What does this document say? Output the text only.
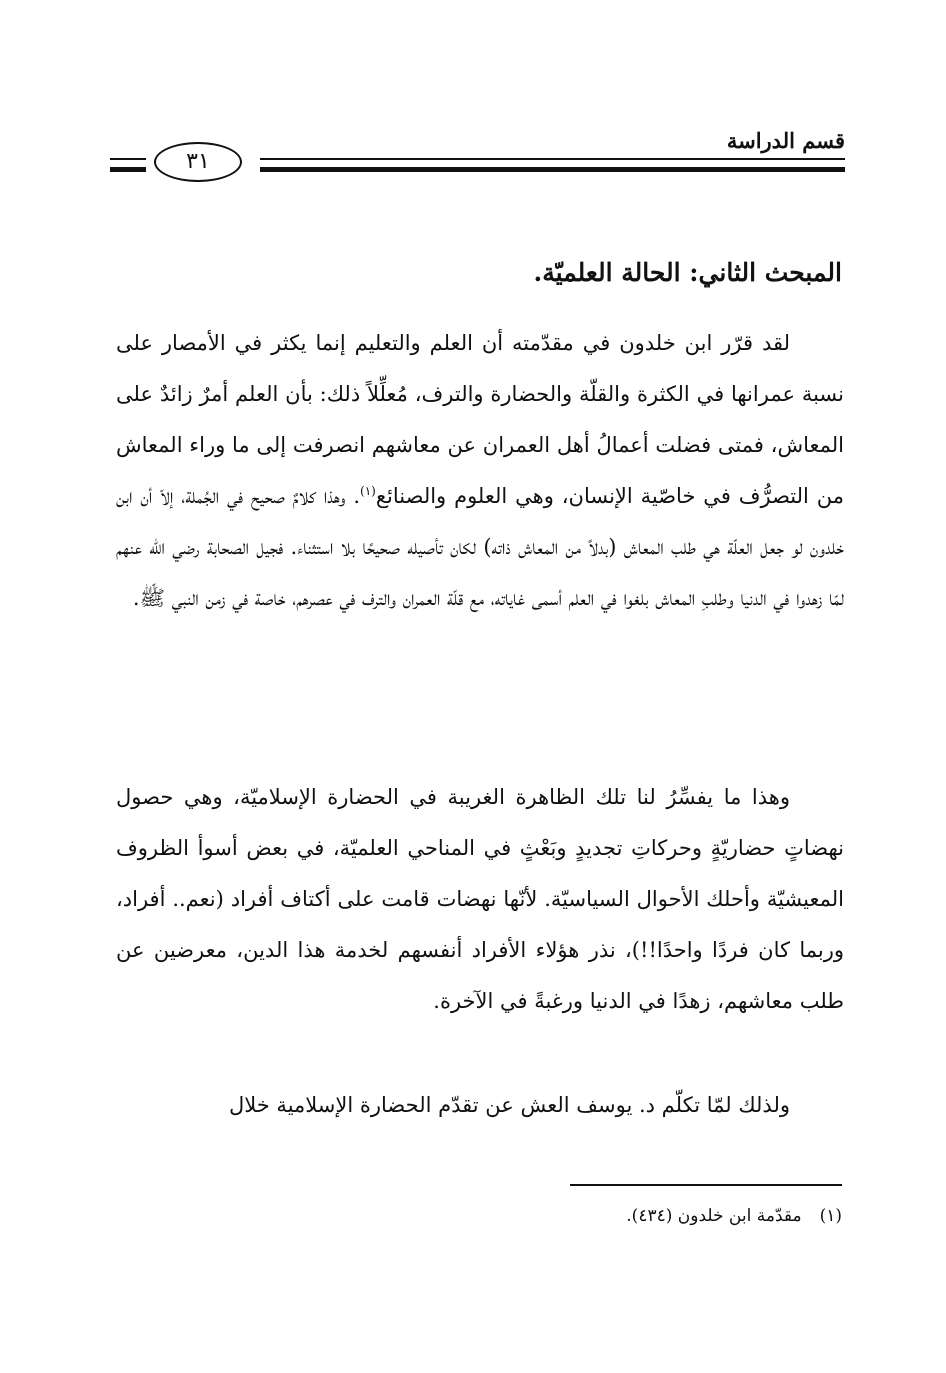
قسم الدراسة
٣١
المبحث الثاني: الحالة العلميّة.

لقد قرّر ابن خلدون في مقدّمته أن العلم والتعليم إنما يكثر في الأمصار على نسبة عمرانها في الكثرة والقلّة والحضارة والترف، مُعلِّلاً ذلك: بأن العلم أمرٌ زائدٌ على المعاش، فمتى فضلت أعمالُ أهل العمران عن معاشهم انصرفت إلى ما وراء المعاش من التصرُّف في خاصّية الإنسان، وهي العلوم والصنائع$^{(١)}$. وهذا كلامٌ صحيح في الجُملة، إلاّ أن ابن خلدون لو جعل العلّة هي طلب المعاش (بدلاً من المعاش ذاته) لكان تأصيله صحيحًا بلا استثناء. فجيل الصحابة رضي الله عنهم لمّا زهدوا في الدنيا وطلبِ المعاش بلغوا في العلم أسمى غاياته، مع قلّة العمران والترف في عصرهم، خاصة في زمن النبي ﷺ.

وهذا ما يفسِّرُ لنا تلك الظاهرة الغريبة في الحضارة الإسلاميّة، وهي حصول نهضاتٍ حضاريّةٍ وحركاتِ تجديدٍ وبَعْثٍ في المناحي العلميّة، في بعض أسوأ الظروف المعيشيّة وأحلك الأحوال السياسيّة. لأنّها نهضات قامت على أكتاف أفراد (نعم.. أفراد، وربما كان فردًا واحدًا!!)، نذر هؤلاء الأفراد أنفسهم لخدمة هذا الدين، معرضين عن طلب معاشهم، زهدًا في الدنيا ورغبةً في الآخرة.

ولذلك لمّا تكلّم د. يوسف العش عن تقدّم الحضارة الإسلامية خلال

(١)مقدّمة ابن خلدون (٤٣٤).
